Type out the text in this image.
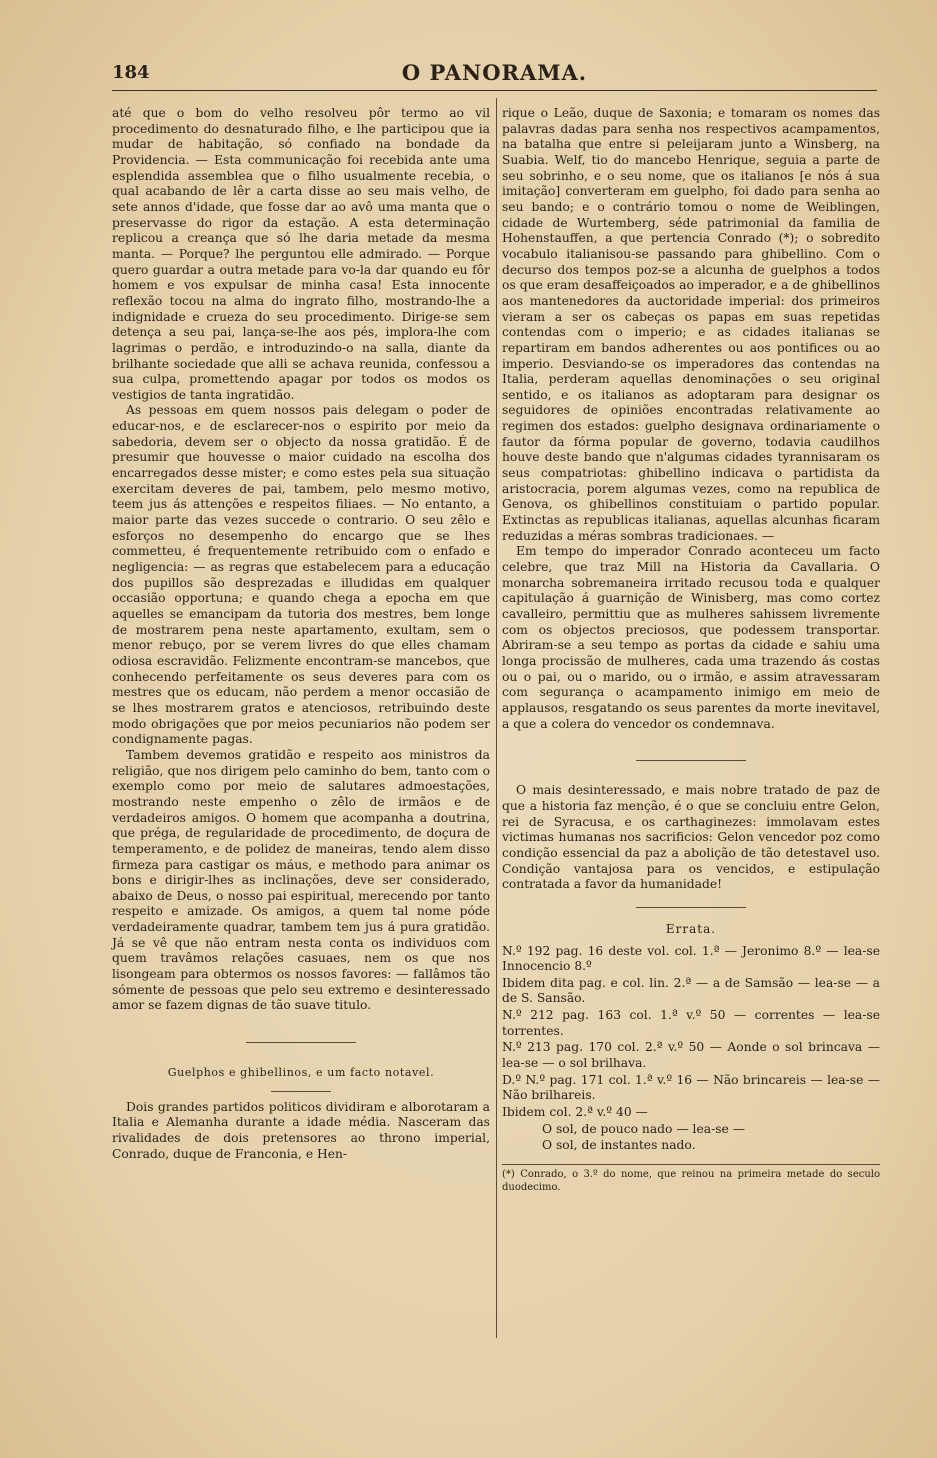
184	O PANORAMA.

até que o bom do velho resolveu pôr termo ao vil procedimento do desnaturado filho, e lhe participou que ia mudar de habitação, só confiado na bondade da Providencia. — Esta communicação foi recebida ante uma esplendida assemblea que o filho usualmente recebia, o qual acabando de lêr a carta disse ao seu mais velho, de sete annos d'idade, que fosse dar ao avô uma manta que o preservasse do rigor da estação. A esta determinação replicou a creança que só lhe daria metade da mesma manta. — Porque? lhe perguntou elle admirado. — Porque quero guardar a outra metade para vo-la dar quando eu fôr homem e vos expulsar de minha casa! Esta innocente reflexão tocou na alma do ingrato filho, mostrando-lhe a indignidade e crueza do seu procedimento. Dirige-se sem detença a seu pai, lança-se-lhe aos pés, implora-lhe com lagrimas o perdão, e introduzindo-o na salla, diante da brilhante sociedade que alli se achava reunida, confessou a sua culpa, promettendo apagar por todos os modos os vestigios de tanta ingratidão.

As pessoas em quem nossos pais delegam o poder de educar-nos, e de esclarecer-nos o espirito por meio da sabedoria, devem ser o objecto da nossa gratidão. É de presumir que houvesse o maior cuidado na escolha dos encarregados desse mister; e como estes pela sua situação exercitam deveres de pai, tambem, pelo mesmo motivo, teem jus ás attenções e respeitos filiaes. — No entanto, a maior parte das vezes succede o contrario. O seu zêlo e esforços no desempenho do encargo que se lhes commetteu, é frequentemente retribuido com o enfado e negligencia: — as regras que estabelecem para a educação dos pupillos são desprezadas e illudidas em qualquer occasião opportuna; e quando chega a epocha em que aquelles se emancipam da tutoria dos mestres, bem longe de mostrarem pena neste apartamento, exultam, sem o menor rebuço, por se verem livres do que elles chamam odiosa escravidão. Felizmente encontram-se mancebos, que conhecendo perfeitamente os seus deveres para com os mestres que os educam, não perdem a menor occasião de se lhes mostrarem gratos e atenciosos, retribuindo deste modo obrigações que por meios pecuniarios não podem ser condignamente pagas.

Tambem devemos gratidão e respeito aos ministros da religião, que nos dirigem pelo caminho do bem, tanto com o exemplo como por meio de salutares admoestações, mostrando neste empenho o zêlo de irmãos e de verdadeiros amigos. O homem que acompanha a doutrina, que préga, de regularidade de procedimento, de doçura de temperamento, e de polidez de maneiras, tendo alem disso firmeza para castigar os máus, e methodo para animar os bons e dirigir-lhes as inclinações, deve ser considerado, abaixo de Deus, o nosso pai espiritual, merecendo por tanto respeito e amizade. Os amigos, a quem tal nome póde verdadeiramente quadrar, tambem tem jus á pura gratidão. Já se vê que não entram nesta conta os individuos com quem travâmos relações casuaes, nem os que nos lisongeam para obtermos os nossos favores: — fallâmos tão sómente de pessoas que pelo seu extremo e desinteressado amor se fazem dignas de tão suave titulo.

Guelphos e ghibellinos, e um facto notavel.

Dois grandes partidos politicos dividiram e alborotaram a Italia e Alemanha durante a idade média. Nasceram das rivalidades de dois pretensores ao throno imperial, Conrado, duque de Franconia, e Hen-

rique o Leão, duque de Saxonia; e tomaram os nomes das palavras dadas para senha nos respectivos acampamentos, na batalha que entre si peleijaram junto a Winsberg, na Suabia. Welf, tio do mancebo Henrique, seguia a parte de seu sobrinho, e o seu nome, que os italianos [e nós á sua imitação] converteram em guelpho, foi dado para senha ao seu bando; e o contrário tomou o nome de Weiblingen, cidade de Wurtemberg, séde patrimonial da familia de Hohenstauffen, a que pertencia Conrado (*); o sobredito vocabulo italianisou-se passando para ghibellino. Com o decurso dos tempos poz-se a alcunha de guelphos a todos os que eram desaffeiçoados ao imperador, e a de ghibellinos aos mantenedores da auctoridade imperial: dos primeiros vieram a ser os cabeças os papas em suas repetidas contendas com o imperio; e as cidades italianas se repartiram em bandos adherentes ou aos pontifices ou ao imperio. Desviando-se os imperadores das contendas na Italia, perderam aquellas denominações o seu original sentido, e os italianos as adoptaram para designar os seguidores de opiniões encontradas relativamente ao regimen dos estados: guelpho designava ordinariamente o fautor da fórma popular de governo, todavia caudilhos houve deste bando que n'algumas cidades tyrannisaram os seus compatriotas: ghibellino indicava o partidista da aristocracia, porem algumas vezes, como na republica de Genova, os ghibellinos constituiam o partido popular. Extinctas as republicas italianas, aquellas alcunhas ficaram reduzidas a méras sombras tradicionaes. —

Em tempo do imperador Conrado aconteceu um facto celebre, que traz Mill na Historia da Cavallaria. O monarcha sobremaneira irritado recusou toda e qualquer capitulação á guarnição de Winisberg, mas como cortez cavalleiro, permittiu que as mulheres sahissem livremente com os objectos preciosos, que podessem transportar. Abriram-se a seu tempo as portas da cidade e sahiu uma longa procissão de mulheres, cada uma trazendo ás costas ou o pai, ou o marido, ou o irmão, e assim atravessaram com segurança o acampamento inimigo em meio de applausos, resgatando os seus parentes da morte inevitavel, a que a colera do vencedor os condemnava.

O mais desinteressado, e mais nobre tratado de paz de que a historia faz menção, é o que se concluiu entre Gelon, rei de Syracusa, e os carthaginezes: immolavam estes victimas humanas nos sacrificios: Gelon vencedor poz como condição essencial da paz a abolição de tão detestavel uso. Condição vantajosa para os vencidos, e estipulação contratada a favor da humanidade!

Errata.

N.º 192 pag. 16 deste vol. col. 1.ª — Jeronimo 8.º — lea-se Innocencio 8.º

Ibidem dita pag. e col. lin. 2.ª — a de Samsão — lea-se — a de S. Sansão.

N.º 212 pag. 163 col. 1.ª v.º 50 — correntes — lea-se torrentes.

N.º 213 pag. 170 col. 2.ª v.º 50 — Aonde o sol brincava — lea-se — o sol brilhava.

D.º N.º pag. 171 col. 1.ª v.º 16 — Não brincareis — lea-se — Não brilhareis.

Ibidem col. 2.ª v.º 40 —

O sol, de pouco nado — lea-se —

O sol, de instantes nado.

(*) Conrado, o 3.º do nome, que reinou na primeira metade do seculo duodecimo.
